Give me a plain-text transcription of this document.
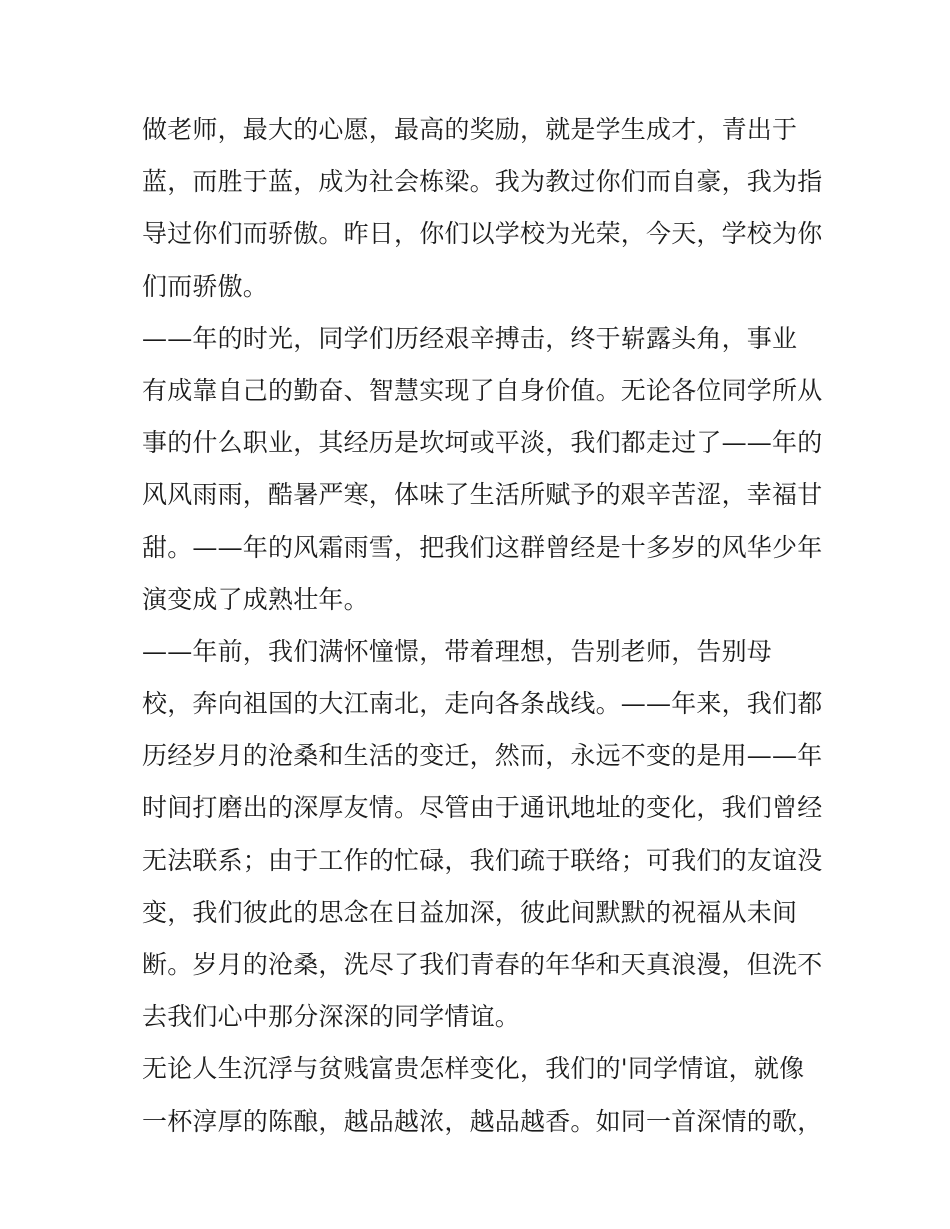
做老师，最大的心愿，最高的奖励，就是学生成才，青出于
蓝，而胜于蓝，成为社会栋梁。我为教过你们而自豪，我为指
导过你们而骄傲。昨日，你们以学校为光荣，今天，学校为你
们而骄傲。
——年的时光，同学们历经艰辛搏击，终于崭露头角，事业
有成靠自己的勤奋、智慧实现了自身价值。无论各位同学所从
事的什么职业，其经历是坎坷或平淡，我们都走过了——年的
风风雨雨，酷暑严寒，体味了生活所赋予的艰辛苦涩，幸福甘
甜。——年的风霜雨雪，把我们这群曾经是十多岁的风华少年
演变成了成熟壮年。
——年前，我们满怀憧憬，带着理想，告别老师，告别母
校，奔向祖国的大江南北，走向各条战线。——年来，我们都
历经岁月的沧桑和生活的变迁，然而，永远不变的是用——年
时间打磨出的深厚友情。尽管由于通讯地址的变化，我们曾经
无法联系；由于工作的忙碌，我们疏于联络；可我们的友谊没
变，我们彼此的思念在日益加深，彼此间默默的祝福从未间
断。岁月的沧桑，洗尽了我们青春的年华和天真浪漫，但洗不
去我们心中那分深深的同学情谊。
无论人生沉浮与贫贱富贵怎样变化，我们的'同学情谊，就像
一杯淳厚的陈酿，越品越浓，越品越香。如同一首深情的歌，
